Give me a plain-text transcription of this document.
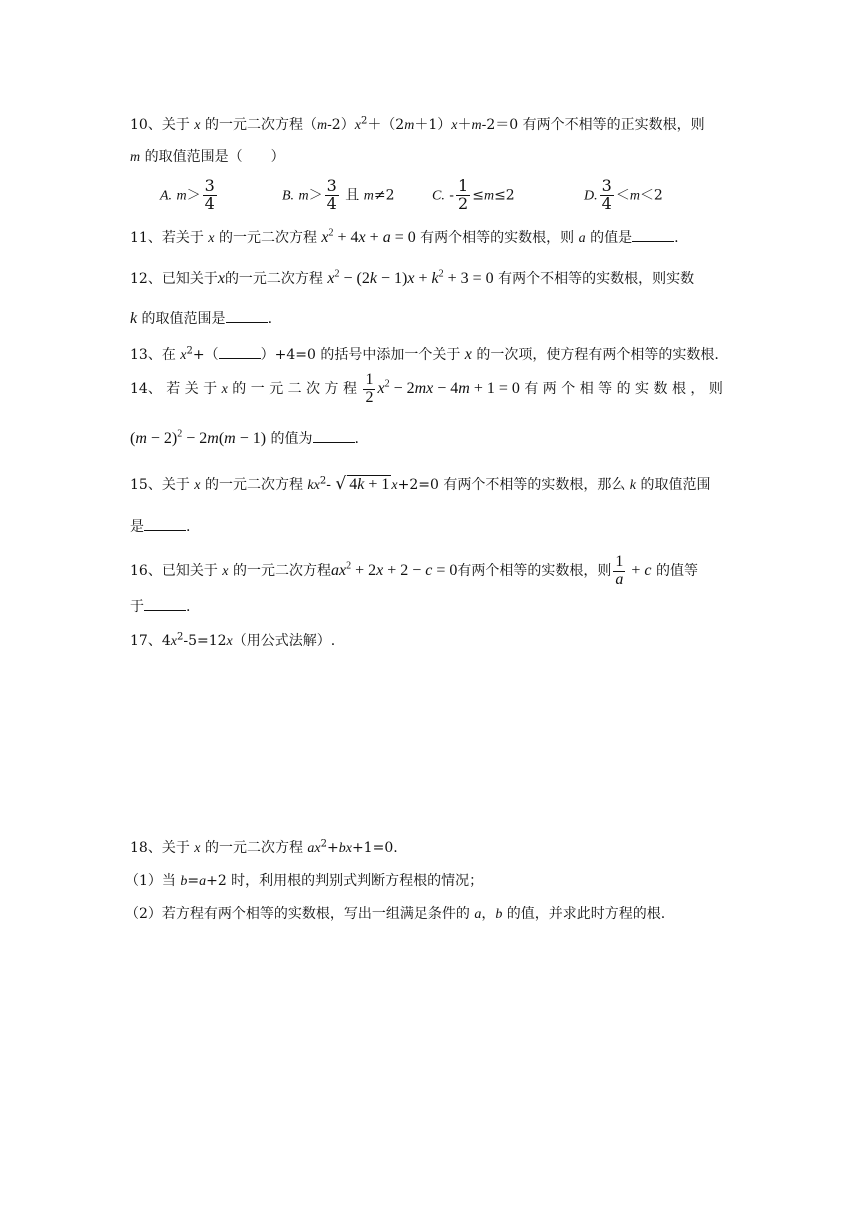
10、关于 x 的一元二次方程$(m-2)x^2+(2m+1)x+m-2=0$ 有两个不相等的正实数根，则
m 的取值范围是（　　）
A. $m> \frac{3}{4}$	B. $m> \frac{3}{4}$ 且 m≠2	C. - $\frac{1}{2} \le m\le 2$	D. $\frac{3}{4} <m<2$
11、若关于 x 的一元二次方程 $x^2 + 4x + a = 0$ 有两个相等的实数根，则 a 的值是	.
12、已知关于x的一元二次方程 $x^2 - (2k - 1)x + k^2 + 3 = 0$ 有两个不相等的实数根，则实数
k 的取值范围是	.
13、在 $x^2+$（	）+4=0 的括号中添加一个关于 x 的一次项，使方程有两个相等的实数根.
14、 若 关 于 x 的 一 元 二 次 方 程 $\frac{1}{2} x^2 - 2mx - 4m + 1 = 0$ 有 两 个 相 等 的 实 数 根 ， 则
$(m - 2)^2 - 2m(m - 1)$ 的值为	.
15、关于 x 的一元二次方程 $kx^2-$ √ 4k + 1 x+2=0 有两个不相等的实数根，那么 k 的取值范围
是	.
16、已知关于 x 的一元二次方程$ax^2 + 2x + 2 - c = 0$有两个相等的实数根，则 $\frac{1}{a} + c$ 的值等
于	.
17、$4x^2-5=12x$（用公式法解）.
18、关于 x 的一元二次方程 $ax^2+bx+1=0$.
（1）当 b=a+2 时，利用根的判别式判断方程根的情况；
（2）若方程有两个相等的实数根，写出一组满足条件的 a，b 的值，并求此时方程的根.
